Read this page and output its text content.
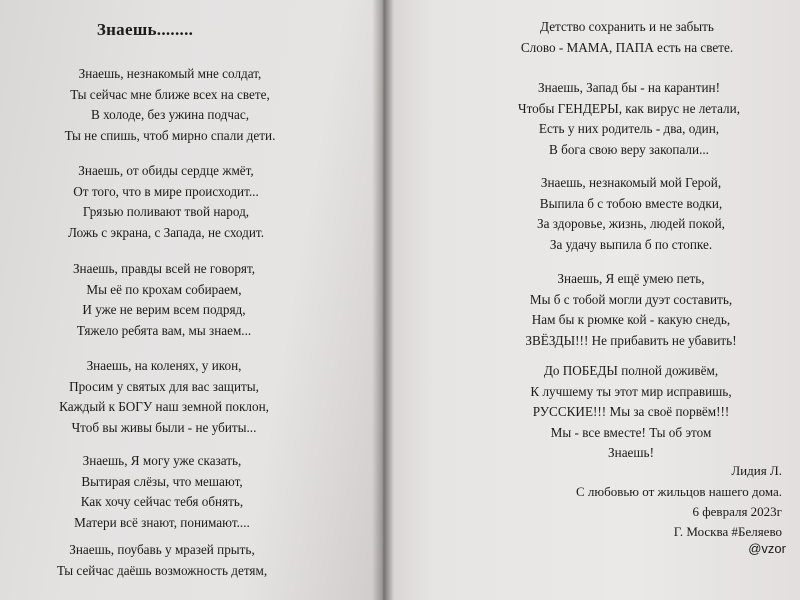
Знаешь........
Знаешь, незнакомый мне солдат,
Ты сейчас мне ближе всех на свете,
В холоде, без ужина подчас,
Ты не спишь, чтоб мирно спали дети.
Знаешь, от обиды сердце жмёт,
От того, что в мире происходит...
Грязью поливают твой народ,
Ложь с экрана, с Запада, не сходит.
Знаешь, правды всей не говорят,
Мы её по крохам собираем,
И уже не верим всем подряд,
Тяжело ребята вам, мы знаем...
Знаешь, на коленях, у икон,
Просим у святых для вас защиты,
Каждый к БОГУ наш земной поклон,
Чтоб вы живы были - не убиты...
Знаешь, Я могу уже сказать,
Вытирая слёзы, что мешают,
Как хочу сейчас тебя обнять,
Матери всё знают, понимают....
Знаешь, поубавь у мразей прыть,
Ты сейчас даёшь возможность детям,
Детство сохранить и не забыть
Слово - МАМА, ПАПА есть на свете.
Знаешь, Запад бы - на карантин!
Чтобы ГЕНДЕРЫ, как вирус не летали,
Есть у них родитель - два, один,
В бога свою веру закопали...
Знаешь, незнакомый мой Герой,
Выпила б с тобою вместе водки,
За здоровье, жизнь, людей покой,
За удачу выпила б по стопке.
Знаешь, Я ещё умею петь,
Мы б с тобой могли дуэт составить,
Нам бы к рюмке кой - какую снедь,
ЗВЁЗДЫ!!! Не прибавить не убавить!
До ПОБЕДЫ полной доживём,
К лучшему ты этот мир исправишь,
РУССКИЕ!!! Мы за своё порвём!!!
Мы - все вместе! Ты об этом
Знаешь!
Лидия Л.
С любовью от жильцов нашего дома.
6 февраля 2023г
Г. Москва #Беляево
@vzor
